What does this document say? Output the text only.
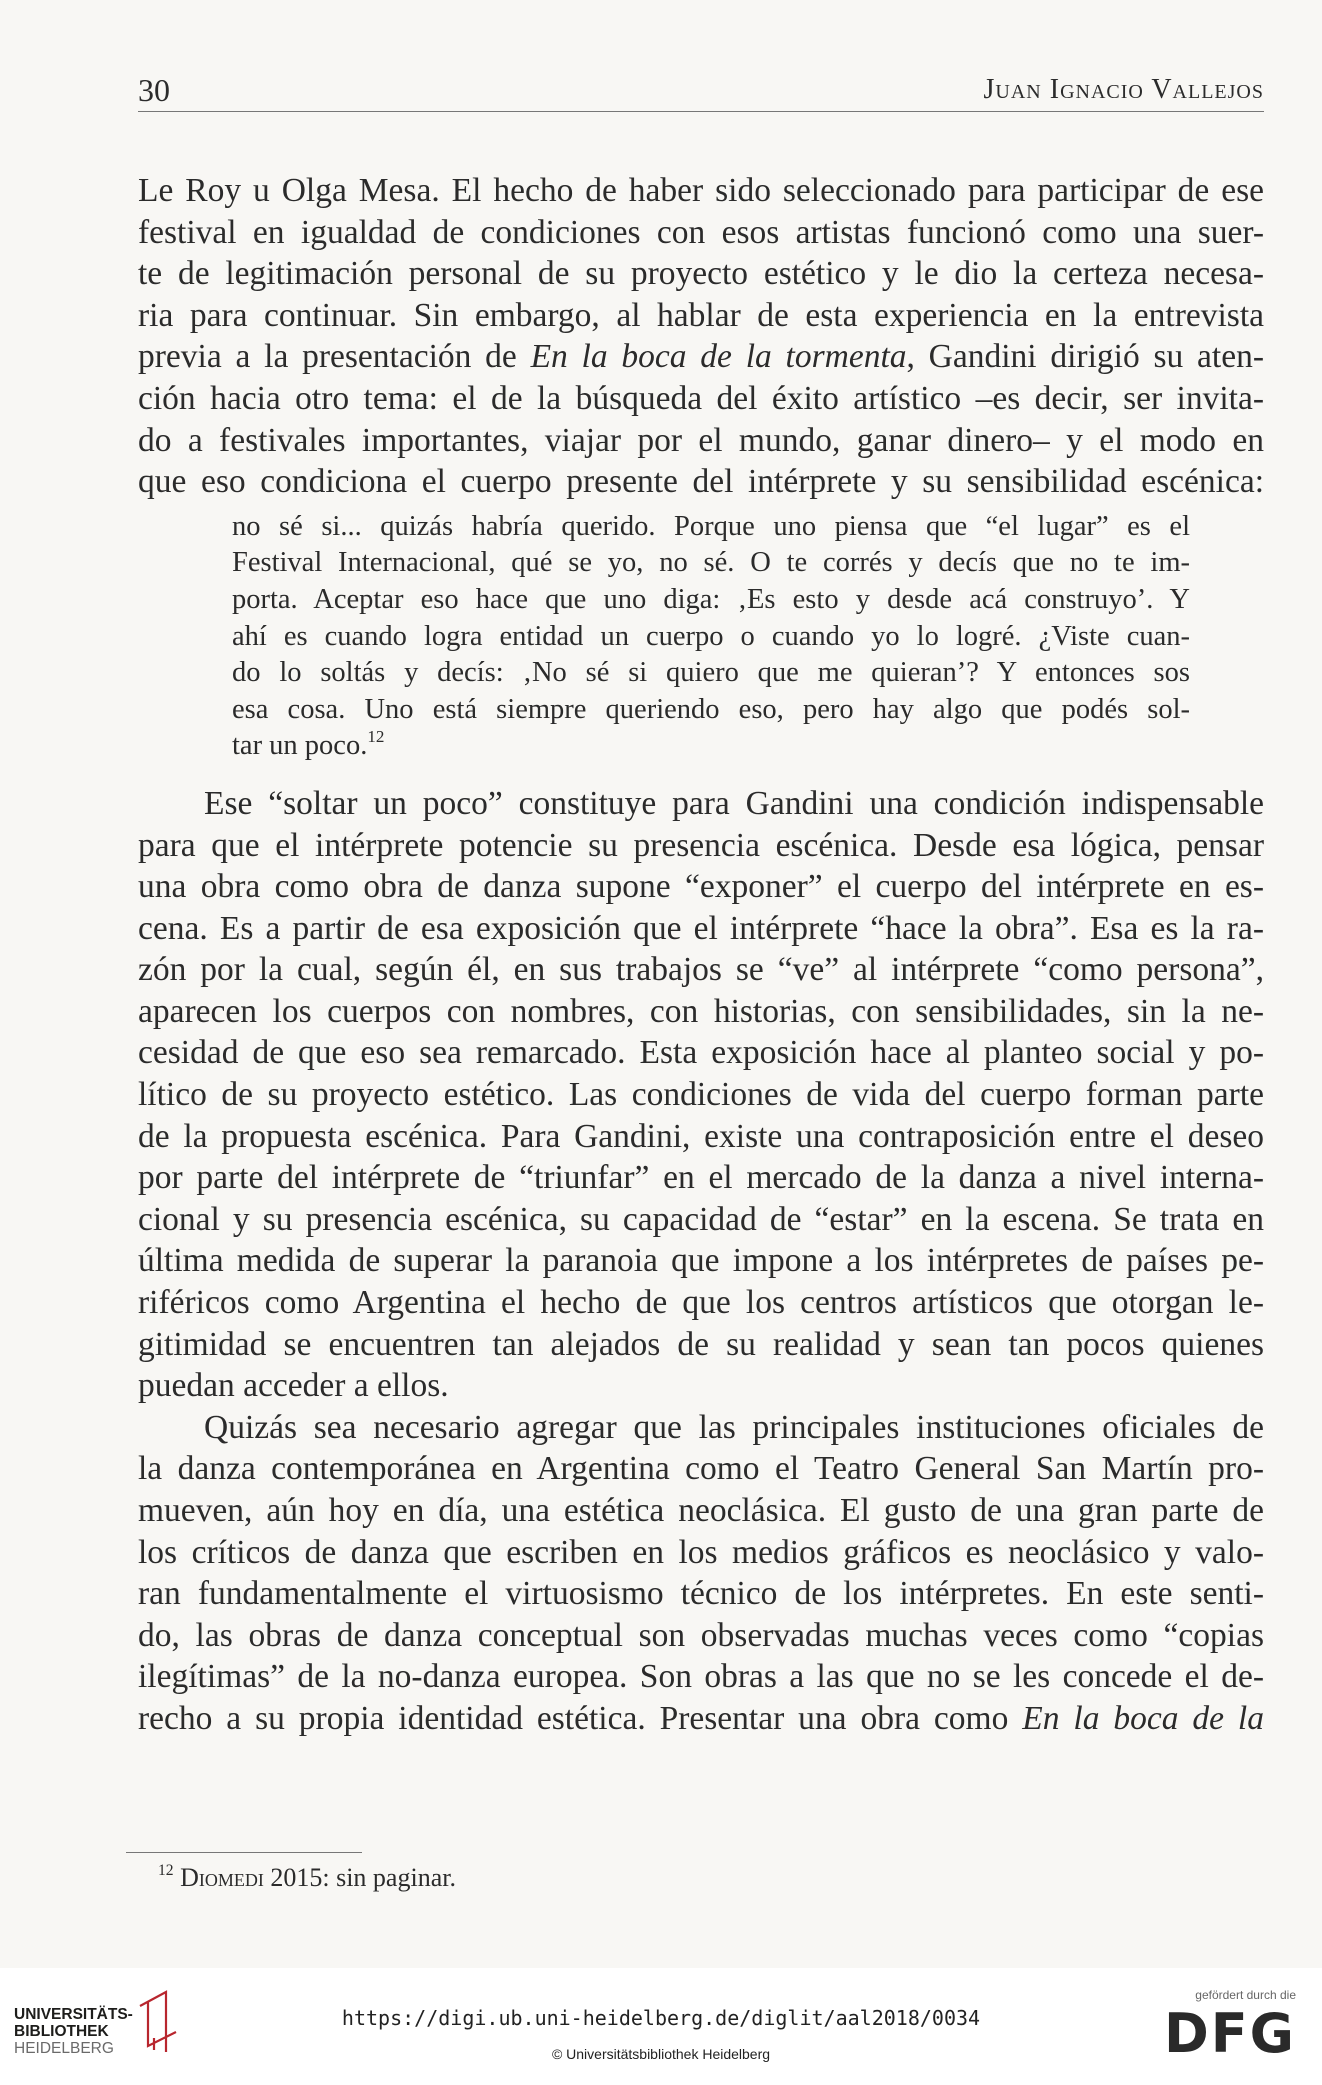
30	Juan Ignacio Vallejos

Le Roy u Olga Mesa. El hecho de haber sido seleccionado para participar de ese
festival en igualdad de condiciones con esos artistas funcionó como una suer-
te de legitimación personal de su proyecto estético y le dio la certeza necesa-
ria para continuar. Sin embargo, al hablar de esta experiencia en la entrevista
previa a la presentación de En la boca de la tormenta, Gandini dirigió su aten-
ción hacia otro tema: el de la búsqueda del éxito artístico –es decir, ser invita-
do a festivales importantes, viajar por el mundo, ganar dinero– y el modo en
que eso condiciona el cuerpo presente del intérprete y su sensibilidad escénica:

no sé si... quizás habría querido. Porque uno piensa que “el lugar” es el
Festival Internacional, qué se yo, no sé. O te corrés y decís que no te im-
porta. Aceptar eso hace que uno diga: ‚Es esto y desde acá construyo’. Y
ahí es cuando logra entidad un cuerpo o cuando yo lo logré. ¿Viste cuan-
do lo soltás y decís: ‚No sé si quiero que me quieran’? Y entonces sos
esa cosa. Uno está siempre queriendo eso, pero hay algo que podés sol-
tar un poco.$^{12}$

Ese “soltar un poco” constituye para Gandini una condición indispensable

para que el intérprete potencie su presencia escénica. Desde esa lógica, pensar
una obra como obra de danza supone “exponer” el cuerpo del intérprete en es-
cena. Es a partir de esa exposición que el intérprete “hace la obra”. Esa es la ra-
zón por la cual, según él, en sus trabajos se “ve” al intérprete “como persona”,
aparecen los cuerpos con nombres, con historias, con sensibilidades, sin la ne-
cesidad de que eso sea remarcado. Esta exposición hace al planteo social y po-
lítico de su proyecto estético. Las condiciones de vida del cuerpo forman parte
de la propuesta escénica. Para Gandini, existe una contraposición entre el deseo
por parte del intérprete de “triunfar” en el mercado de la danza a nivel interna-
cional y su presencia escénica, su capacidad de “estar” en la escena. Se trata en
última medida de superar la paranoia que impone a los intérpretes de países pe-
riféricos como Argentina el hecho de que los centros artísticos que otorgan le-
gitimidad se encuentren tan alejados de su realidad y sean tan pocos quienes
puedan acceder a ellos.

Quizás sea necesario agregar que las principales instituciones oficiales de

la danza contemporánea en Argentina como el Teatro General San Martín pro-
mueven, aún hoy en día, una estética neoclásica. El gusto de una gran parte de
los críticos de danza que escriben en los medios gráficos es neoclásico y valo-
ran fundamentalmente el virtuosismo técnico de los intérpretes. En este senti-
do, las obras de danza conceptual son observadas muchas veces como “copias
ilegítimas” de la no-danza europea. Son obras a las que no se les concede el de-
recho a su propia identidad estética. Presentar una obra como En la boca de la

$^{12}$ Diomedi 2015: sin paginar.
UNIVERSITÄTS-
BIBLIOTHEK
HEIDELBERG
https://digi.ub.uni-heidelberg.de/diglit/aal2018/0034
© Universitätsbibliothek Heidelberg
gefördert durch die
DFG
